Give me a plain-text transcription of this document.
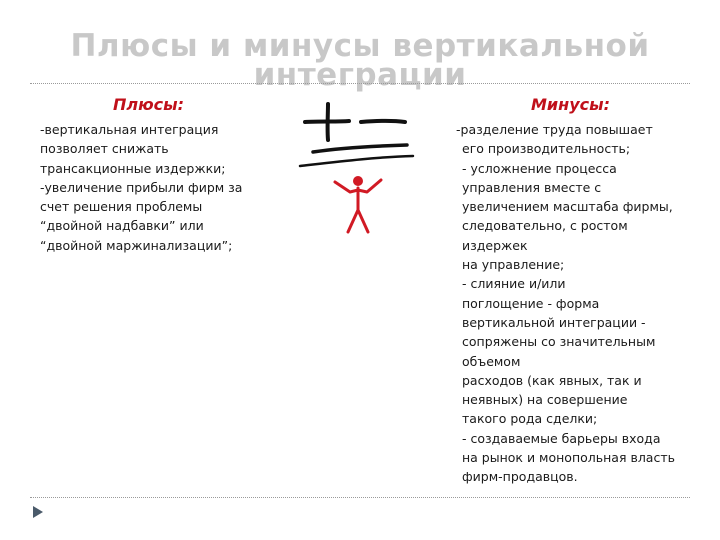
Плюсы и минусы вертикальной
интеграции
Плюсы:	Минусы:
-вертикальная интеграция
позволяет снижать
трансакционные издержки;
-увеличение прибыли фирм за
счет решения проблемы
“двойной надбавки” или
“двойной маржинализации”;
-разделение труда повышает
его производительность;
- усложнение процесса
управления вместе с
увеличением масштаба фирмы,
следовательно, с ростом
издержек
на управление;
- слияние и/или
поглощение - форма
вертикальной интеграции -
сопряжены со значительным
объемом
расходов (как явных, так и
неявных) на совершение
такого рода сделки;
- создаваемые барьеры входа
на рынок и монопольная власть
фирм-продавцов.
